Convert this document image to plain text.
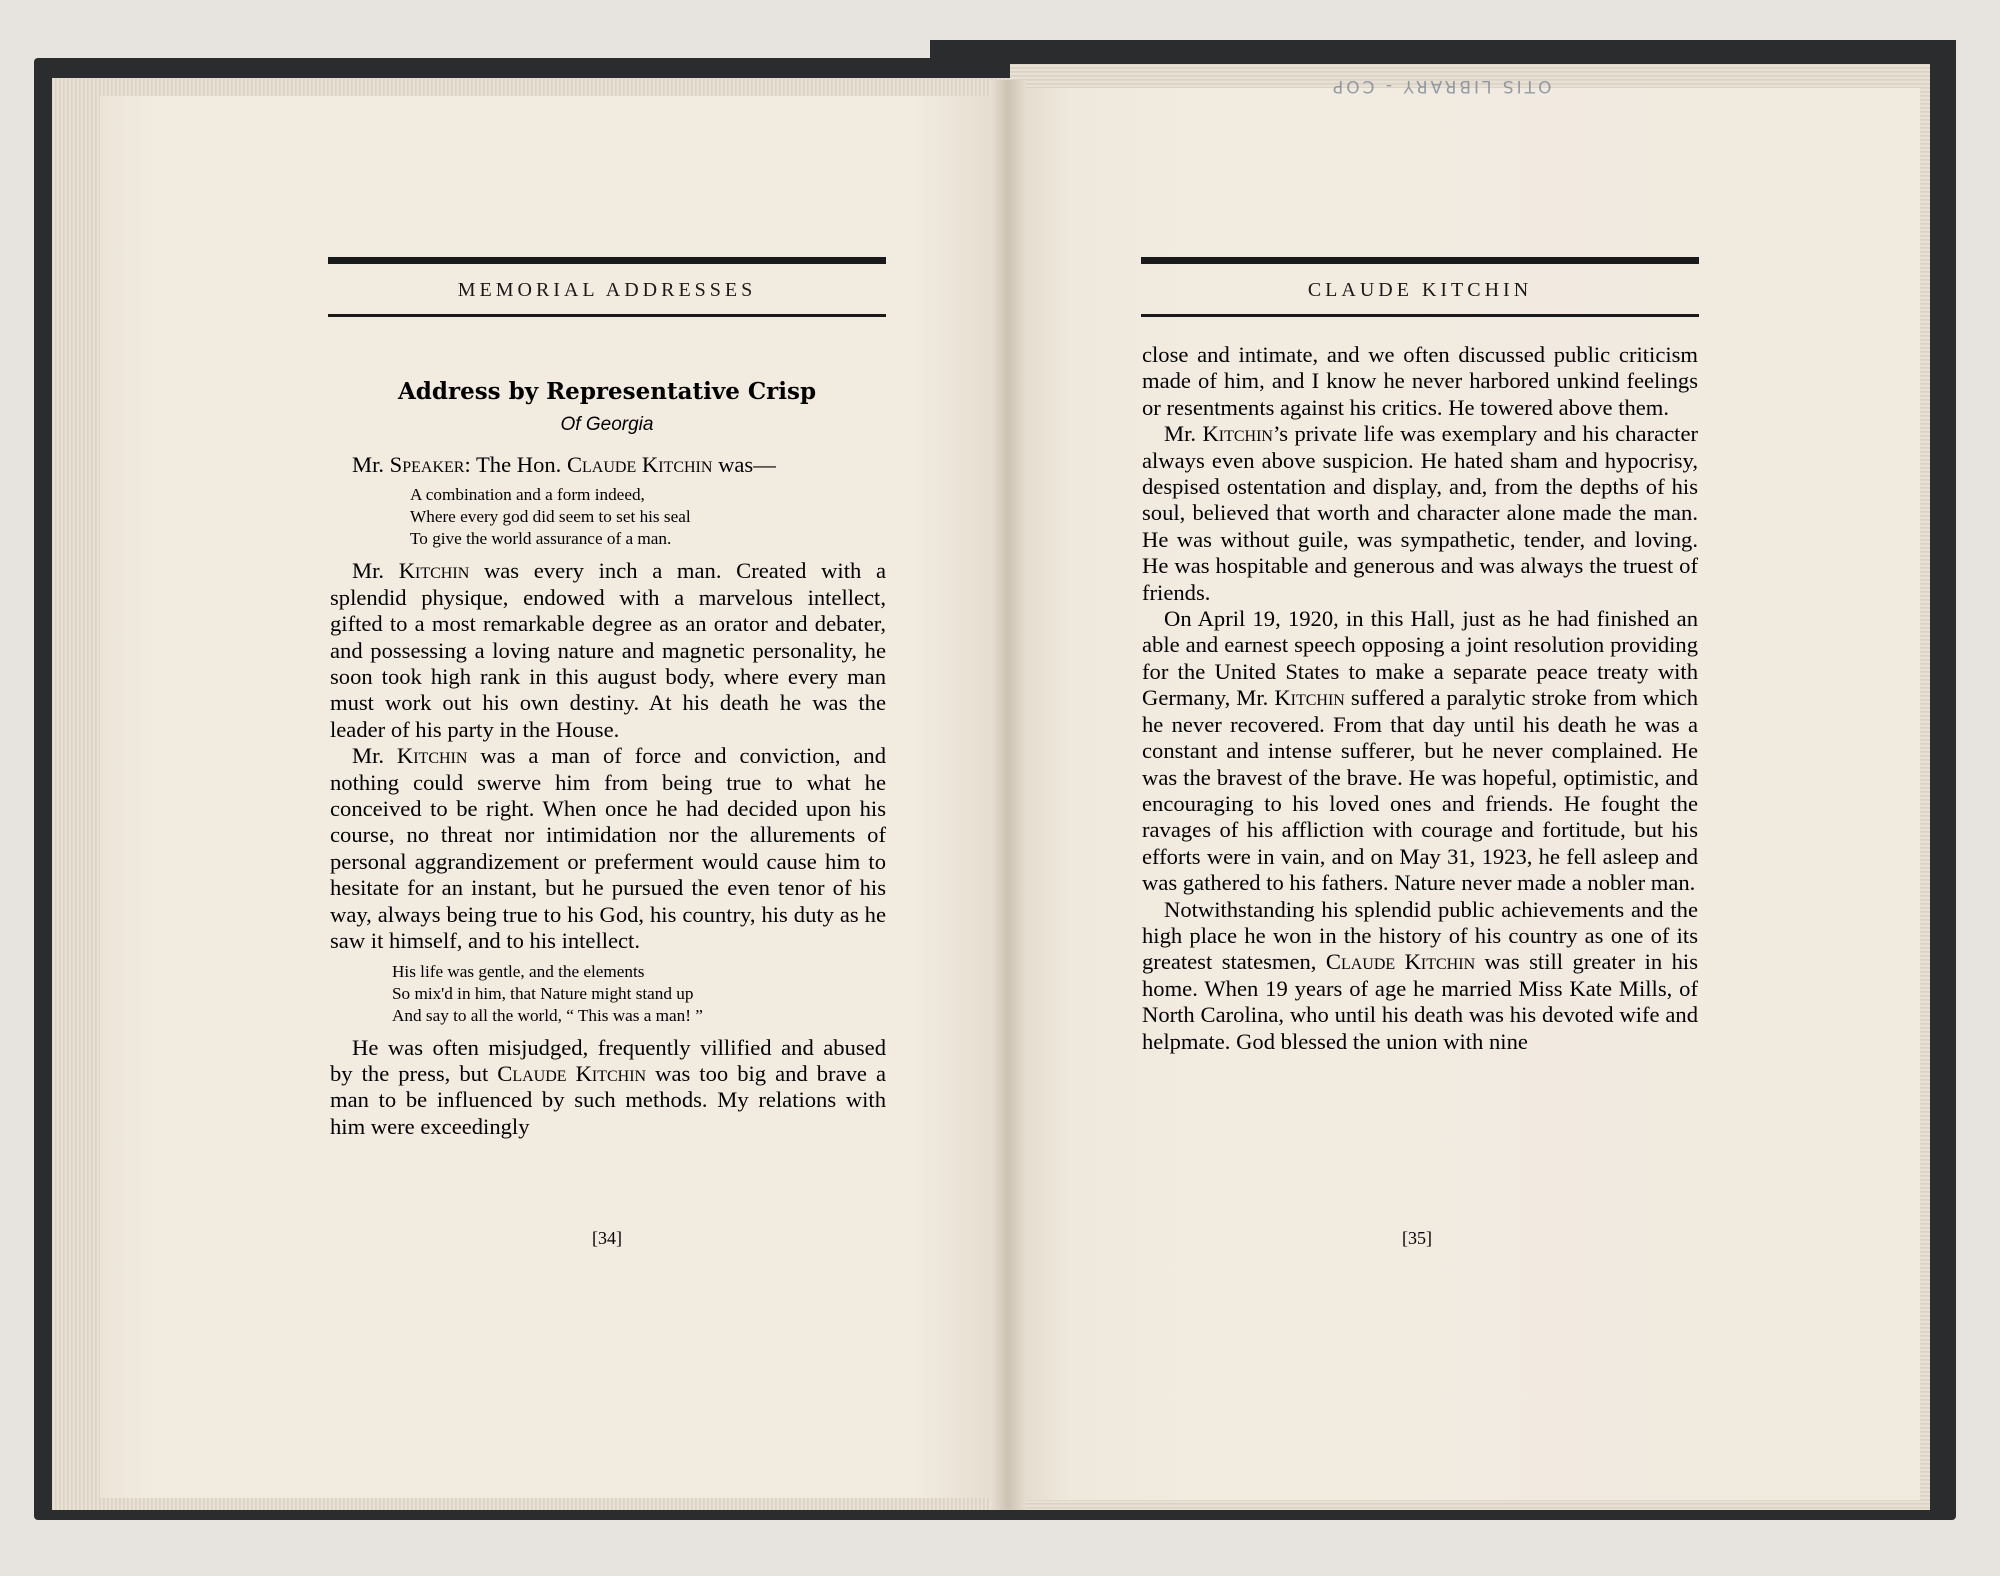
OTIS LIBRARY - COP
MEMORIAL ADDRESSES
Address by Representative Crisp
Of Georgia

Mr. Speaker: The Hon. Claude Kitchin was—

A combination and a form indeed,
Where every god did seem to set his seal
To give the world assurance of a man.

Mr. Kitchin was every inch a man. Created with a splendid physique, endowed with a marvelous intellect, gifted to a most remarkable degree as an orator and debater, and possessing a loving nature and magnetic personality, he soon took high rank in this august body, where every man must work out his own destiny. At his death he was the leader of his party in the House.

Mr. Kitchin was a man of force and conviction, and nothing could swerve him from being true to what he conceived to be right. When once he had decided upon his course, no threat nor intimidation nor the allurements of personal aggrandizement or preferment would cause him to hesitate for an instant, but he pursued the even tenor of his way, always being true to his God, his country, his duty as he saw it himself, and to his intellect.

His life was gentle, and the elements
So mix'd in him, that Nature might stand up
And say to all the world, “ This was a man! ”

He was often misjudged, frequently villified and abused by the press, but Claude Kitchin was too big and brave a man to be influenced by such methods. My relations with him were exceedingly

[34]
CLAUDE KITCHIN

close and intimate, and we often discussed public criticism made of him, and I know he never harbored unkind feelings or resentments against his critics. He towered above them.

Mr. Kitchin’s private life was exemplary and his character always even above suspicion. He hated sham and hypocrisy, despised ostentation and display, and, from the depths of his soul, believed that worth and character alone made the man. He was without guile, was sympathetic, tender, and loving. He was hospitable and generous and was always the truest of friends.

On April 19, 1920, in this Hall, just as he had finished an able and earnest speech opposing a joint resolution providing for the United States to make a separate peace treaty with Germany, Mr. Kitchin suffered a paralytic stroke from which he never recovered. From that day until his death he was a constant and intense sufferer, but he never complained. He was the bravest of the brave. He was hopeful, optimistic, and encouraging to his loved ones and friends. He fought the ravages of his affliction with courage and fortitude, but his efforts were in vain, and on May 31, 1923, he fell asleep and was gathered to his fathers. Nature never made a nobler man.

Notwithstanding his splendid public achievements and the high place he won in the history of his country as one of its greatest statesmen, Claude Kitchin was still greater in his home. When 19 years of age he married Miss Kate Mills, of North Carolina, who until his death was his devoted wife and helpmate. God blessed the union with nine

[35]
